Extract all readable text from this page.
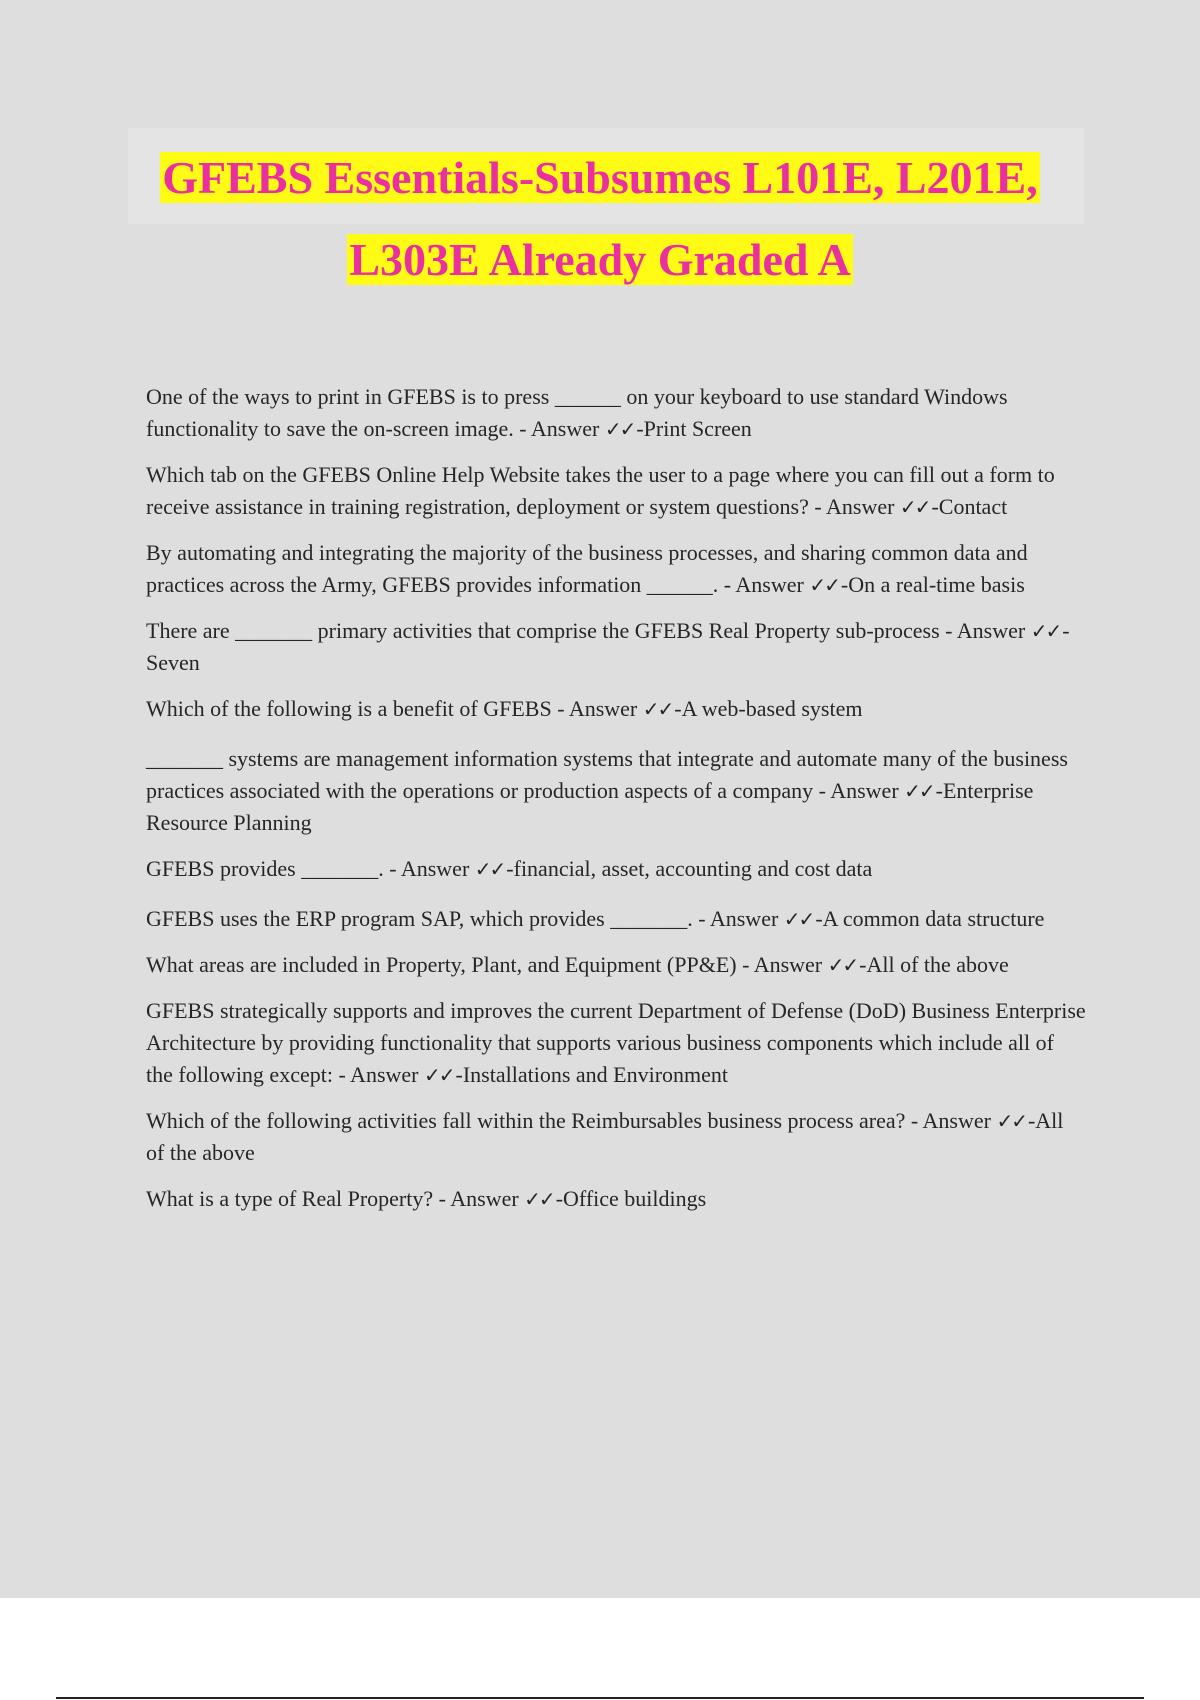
GFEBS Essentials-Subsumes L101E, L201E,
L303E Already Graded A
One of the ways to print in GFEBS is to press ______ on your keyboard to use standard Windows functionality to save the on-screen image. - Answer ✓✓-Print Screen
Which tab on the GFEBS Online Help Website takes the user to a page where you can fill out a form to receive assistance in training registration, deployment or system questions? - Answer ✓✓-Contact
By automating and integrating the majority of the business processes, and sharing common data and practices across the Army, GFEBS provides information ______. - Answer ✓✓-On a real-time basis
There are _______ primary activities that comprise the GFEBS Real Property sub-process - Answer ✓✓-Seven
Which of the following is a benefit of GFEBS - Answer ✓✓-A web-based system
_______ systems are management information systems that integrate and automate many of the business practices associated with the operations or production aspects of a company - Answer ✓✓-Enterprise Resource Planning
GFEBS provides _______. - Answer ✓✓-financial, asset, accounting and cost data
GFEBS uses the ERP program SAP, which provides _______. - Answer ✓✓-A common data structure
What areas are included in Property, Plant, and Equipment (PP&E) - Answer ✓✓-All of the above
GFEBS strategically supports and improves the current Department of Defense (DoD) Business Enterprise Architecture by providing functionality that supports various business components which include all of the following except: - Answer ✓✓-Installations and Environment
Which of the following activities fall within the Reimbursables business process area? - Answer ✓✓-All of the above
What is a type of Real Property? - Answer ✓✓-Office buildings
